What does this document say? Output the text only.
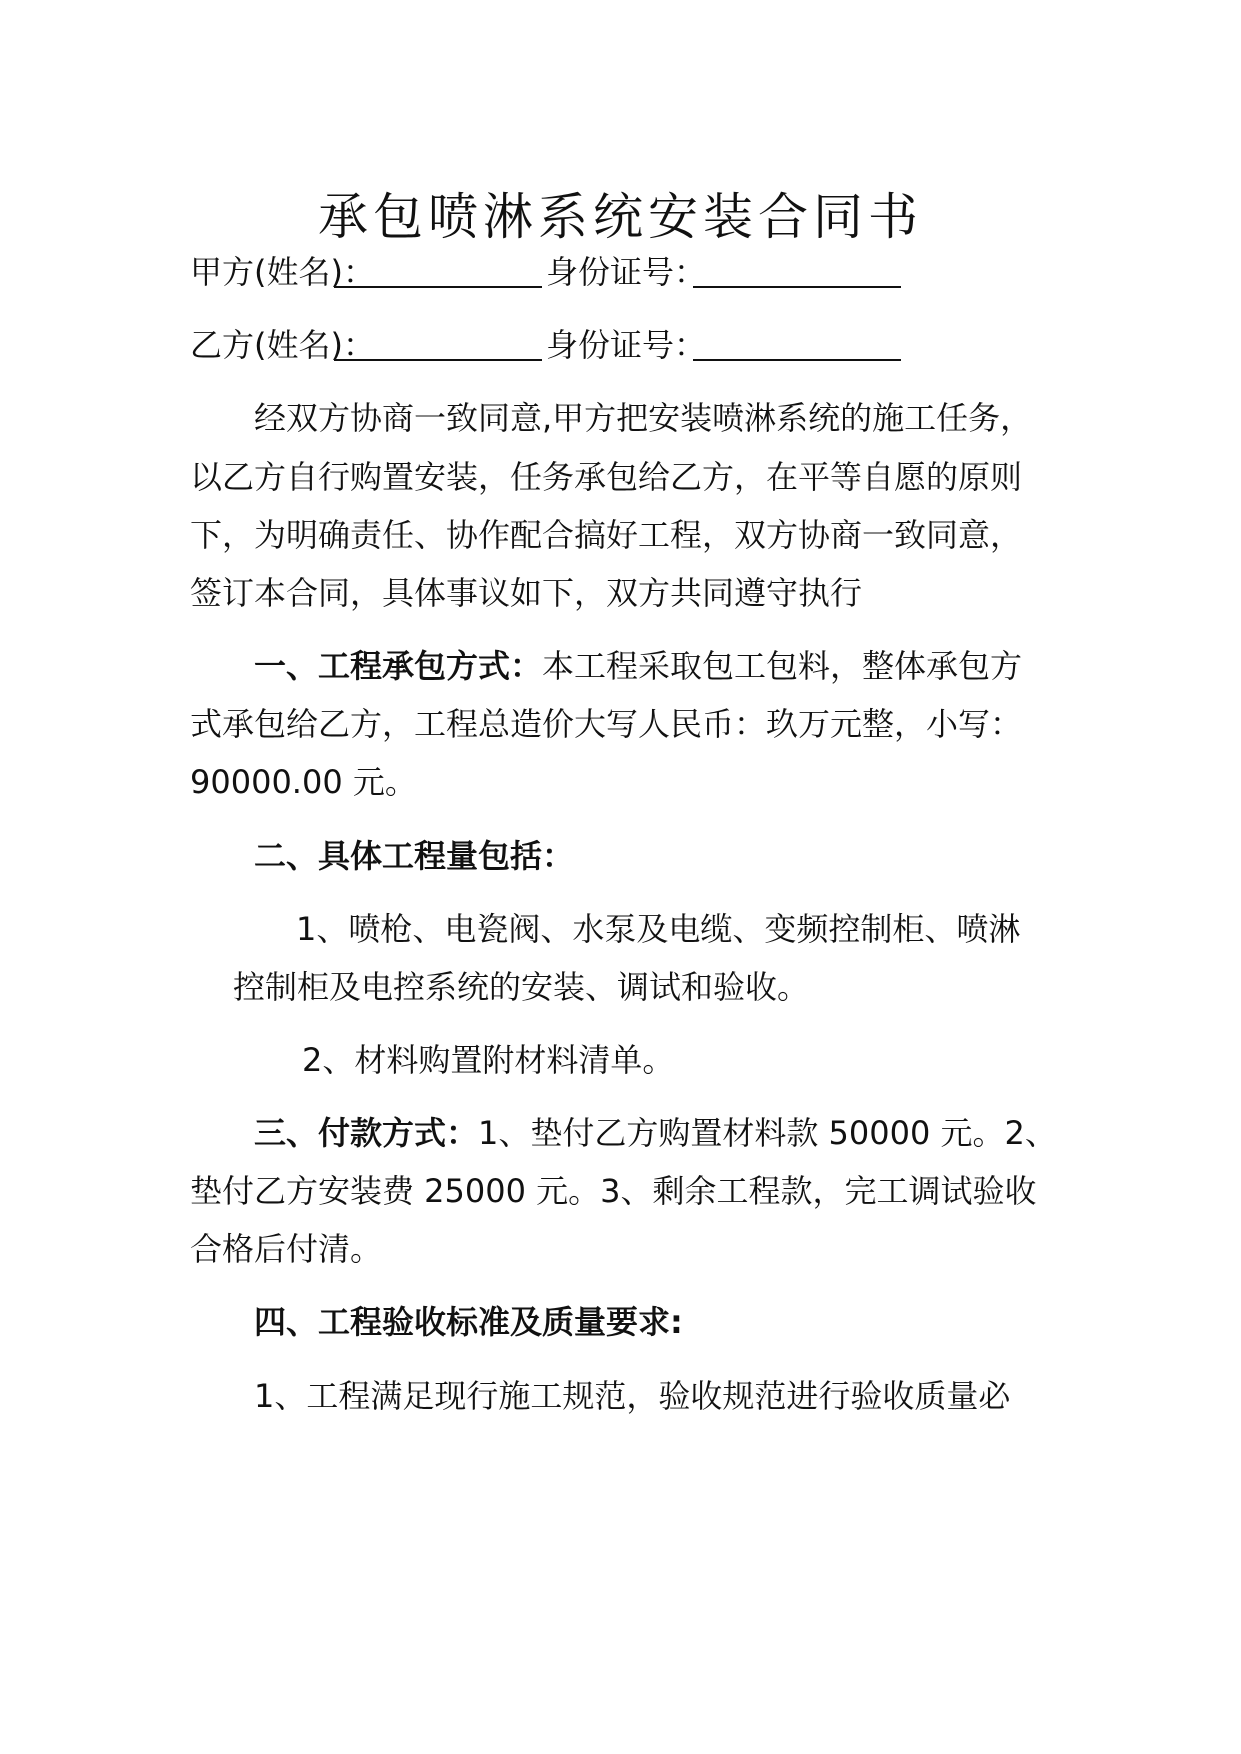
承包喷淋系统安装合同书
甲方(姓名)：	身份证号：
乙方(姓名)：	身份证号：

经双方协商一致同意,甲方把安装喷淋系统的施工任务，

以乙方自行购置安装，任务承包给乙方，在平等自愿的原则

下，为明确责任、协作配合搞好工程，双方协商一致同意，

签订本合同，具体事议如下，双方共同遵守执行

一、工程承包方式：本工程采取包工包料，整体承包方

式承包给乙方，工程总造价大写人民币：玖万元整，小写：

90000.00 元。

二、具体工程量包括：

1、喷枪、电瓷阀、水泵及电缆、变频控制柜、喷淋

控制柜及电控系统的安装、调试和验收。

2、材料购置附材料清单。

三、付款方式：1、垫付乙方购置材料款 50000 元。2、

垫付乙方安装费 25000 元。3、剩余工程款，完工调试验收

合格后付清。

四、工程验收标准及质量要求:

1、工程满足现行施工规范，验收规范进行验收质量必
